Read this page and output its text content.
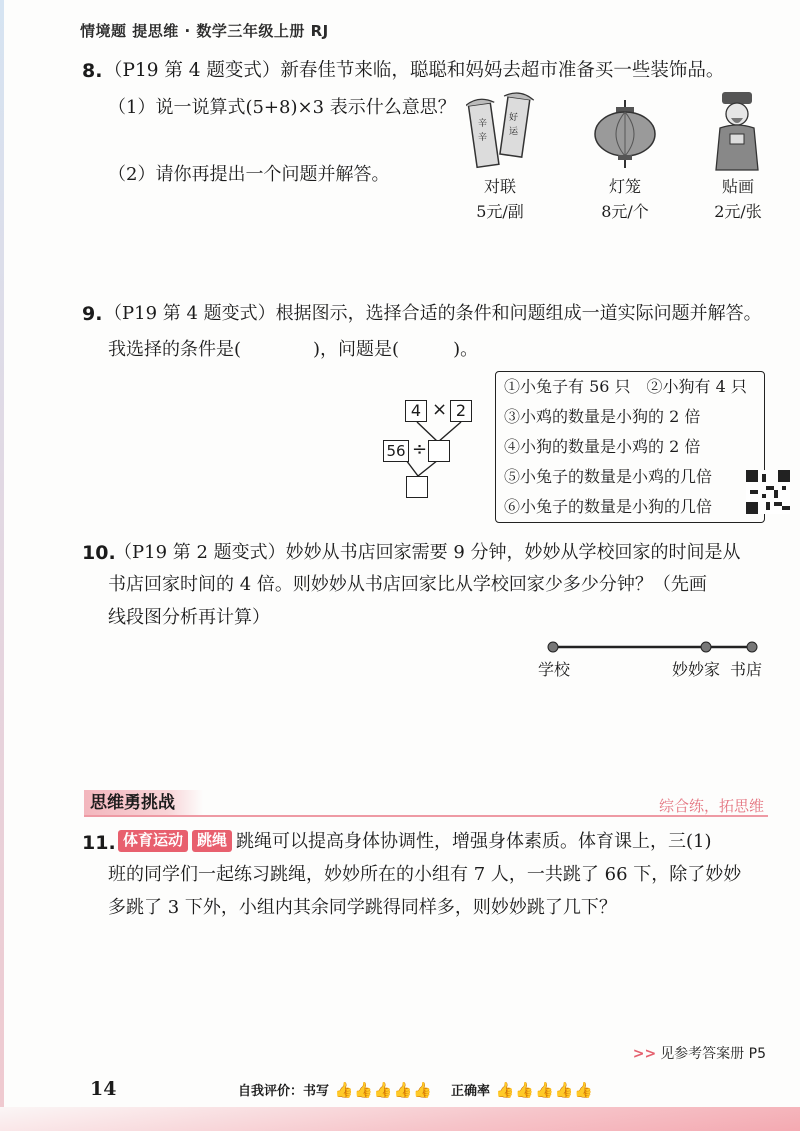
情境题 提思维 · 数学三年级上册 RJ
8. （P19 第 4 题变式）新春佳节来临，聪聪和妈妈去超市准备买一些装饰品。
（1）说一说算式(5+8)×3 表示什么意思？
（2）请你再提出一个问题并解答。
辛
辛
好
运
对联
5元/副
灯笼
8元/个
贴画
2元/张
9. （P19 第 4 题变式）根据图示，选择合适的条件和问题组成一道实际问题并解答。
我选择的条件是(　　　　)，问题是(　　　)。
4 × 2
56 ÷
①小兔子有 56 只　②小狗有 4 只
③小鸡的数量是小狗的 2 倍
④小狗的数量是小鸡的 2 倍
⑤小兔子的数量是小鸡的几倍
⑥小兔子的数量是小狗的几倍
10.
（P19 第 2 题变式）妙妙从书店回家需要 9 分钟，妙妙从学校回家的时间是从
书店回家时间的 4 倍。则妙妙从书店回家比从学校回家少多少分钟？（先画
线段图分析再计算）
学校	妙妙家 书店
思维勇挑战	综合练，拓思维
11. 体育运动 跳绳 跳绳可以提高身体协调性，增强身体素质。体育课上，三(1)
班的同学们一起练习跳绳，妙妙所在的小组有 7 人，一共跳了 66 下，除了妙妙
多跳了 3 下外，小组内其余同学跳得同样多，则妙妙跳了几下？
>> 见参考答案册 P5
14	自我评价：书写 👍👍👍👍👍 正确率 👍👍👍👍👍
